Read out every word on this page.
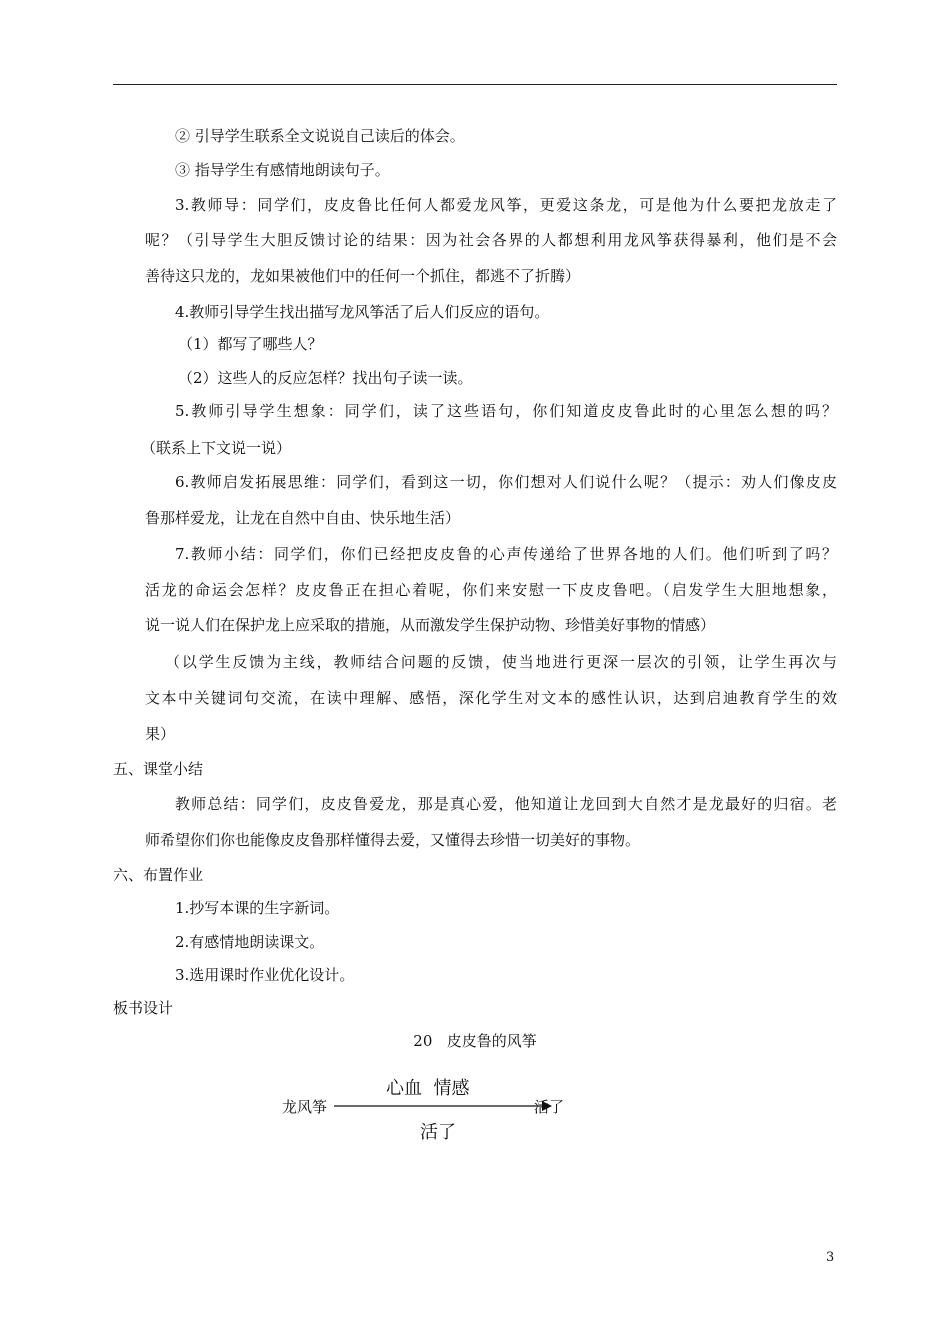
② 引导学生联系全文说说自己读后的体会。
③ 指导学生有感情地朗读句子。
3.教师导：同学们，皮皮鲁比任何人都爱龙风筝，更爱这条龙，可是他为什么要把龙放走了
呢？（引导学生大胆反馈讨论的结果：因为社会各界的人都想利用龙风筝获得暴利，他们是不会
善待这只龙的，龙如果被他们中的任何一个抓住，都逃不了折腾）
4.教师引导学生找出描写龙风筝活了后人们反应的语句。
（1）都写了哪些人？
（2）这些人的反应怎样？找出句子读一读。
5.教师引导学生想象：同学们，读了这些语句，你们知道皮皮鲁此时的心里怎么想的吗？
（联系上下文说一说）
6.教师启发拓展思维：同学们，看到这一切，你们想对人们说什么呢？（提示：劝人们像皮皮
鲁那样爱龙，让龙在自然中自由、快乐地生活）
7.教师小结：同学们，你们已经把皮皮鲁的心声传递给了世界各地的人们。他们听到了吗？
活龙的命运会怎样？皮皮鲁正在担心着呢，你们来安慰一下皮皮鲁吧。（启发学生大胆地想象，
说一说人们在保护龙上应采取的措施，从而激发学生保护动物、珍惜美好事物的情感）
（以学生反馈为主线，教师结合问题的反馈，使当地进行更深一层次的引领，让学生再次与
文本中关键词句交流，在读中理解、感悟，深化学生对文本的感性认识，达到启迪教育学生的效
果）
五、课堂小结
教师总结：同学们，皮皮鲁爱龙，那是真心爱，他知道让龙回到大自然才是龙最好的归宿。老
师希望你们你也能像皮皮鲁那样懂得去爱，又懂得去珍惜一切美好的事物。
六、布置作业
1.抄写本课的生字新词。
2.有感情地朗读课文。
3.选用课时作业优化设计。
板书设计
20   皮皮鲁的风筝
龙风筝
心血  情感
活了
活了
3
